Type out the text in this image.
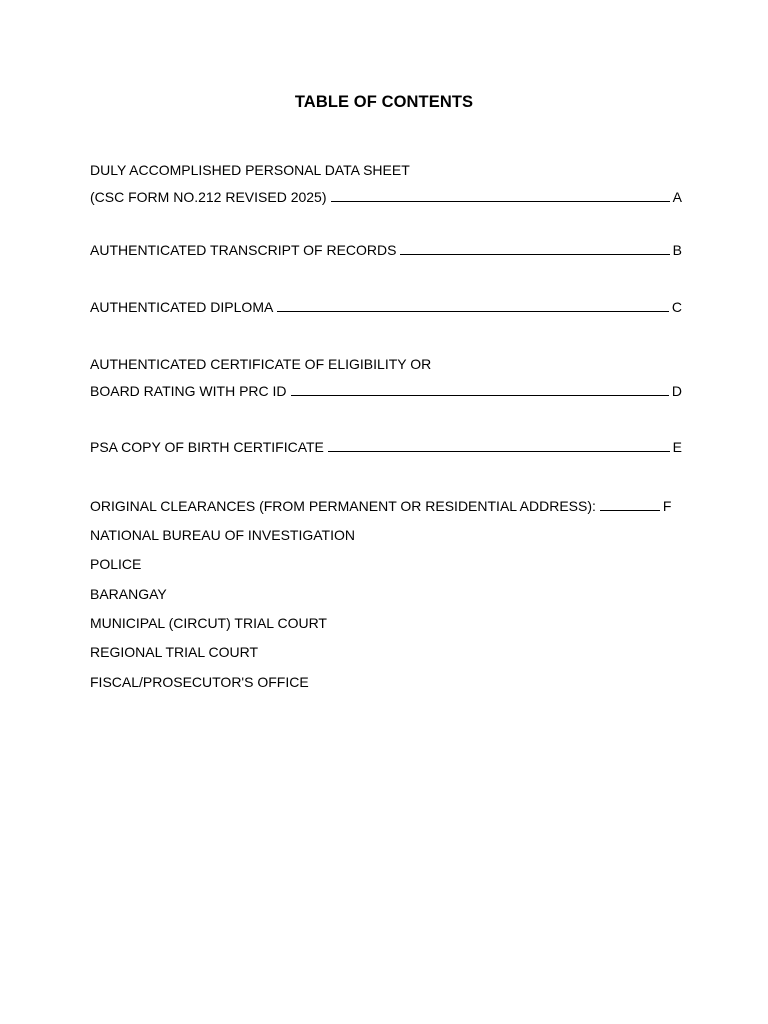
TABLE OF CONTENTS
DULY ACCOMPLISHED PERSONAL DATA SHEET
(CSC FORM NO.212 REVISED 2025)	A
AUTHENTICATED TRANSCRIPT OF RECORDS	B
AUTHENTICATED DIPLOMA	C
AUTHENTICATED CERTIFICATE OF ELIGIBILITY OR
BOARD RATING WITH PRC ID	D
PSA COPY OF BIRTH CERTIFICATE	E
ORIGINAL CLEARANCES (FROM PERMANENT OR RESIDENTIAL ADDRESS):	F
NATIONAL BUREAU OF INVESTIGATION
POLICE
BARANGAY
MUNICIPAL (CIRCUT) TRIAL COURT
REGIONAL TRIAL COURT
FISCAL/PROSECUTOR'S OFFICE
